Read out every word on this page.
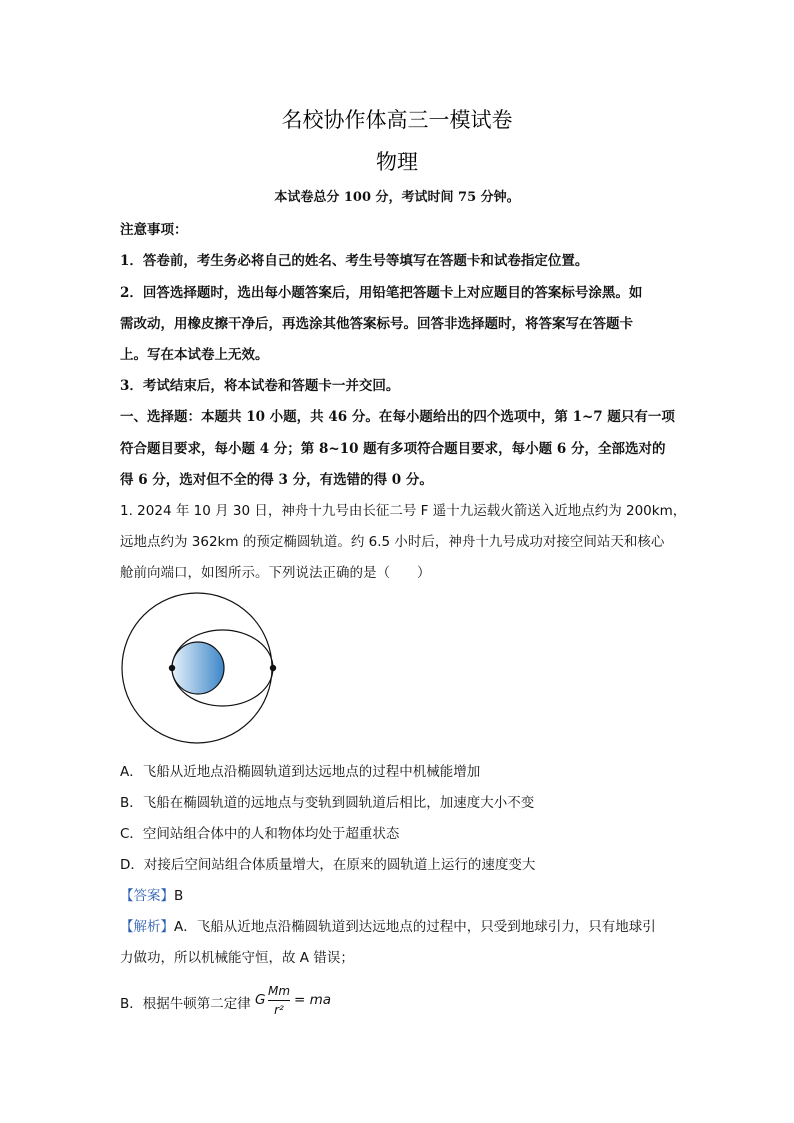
名校协作体高三一模试卷
物理
本试卷总分 100 分，考试时间 75 分钟。
注意事项：
1．答卷前，考生务必将自己的姓名、考生号等填写在答题卡和试卷指定位置。
2．回答选择题时，选出每小题答案后，用铅笔把答题卡上对应题目的答案标号涂黑。如
需改动，用橡皮擦干净后，再选涂其他答案标号。回答非选择题时，将答案写在答题卡
上。写在本试卷上无效。
3．考试结束后，将本试卷和答题卡一并交回。
一、选择题：本题共 10 小题，共 46 分。在每小题给出的四个选项中，第 1~7 题只有一项
符合题目要求，每小题 4 分；第 8~10 题有多项符合题目要求，每小题 6 分，全部选对的
得 6 分，选对但不全的得 3 分，有选错的得 0 分。
1. 2024 年 10 月 30 日，神舟十九号由长征二号 F 遥十九运载火箭送入近地点约为 200km，
远地点约为 362km 的预定椭圆轨道。约 6.5 小时后，神舟十九号成功对接空间站天和核心
舱前向端口，如图所示。下列说法正确的是（　　）
A．飞船从近地点沿椭圆轨道到达远地点的过程中机械能增加
B．飞船在椭圆轨道的远地点与变轨到圆轨道后相比，加速度大小不变
C．空间站组合体中的人和物体均处于超重状态
D．对接后空间站组合体质量增大，在原来的圆轨道上运行的速度变大
【答案】B
【解析】A．飞船从近地点沿椭圆轨道到达远地点的过程中，只受到地球引力，只有地球引
力做功，所以机械能守恒，故 A 错误；
B．根据牛顿第二定律 G
Mm
r²
= ma
